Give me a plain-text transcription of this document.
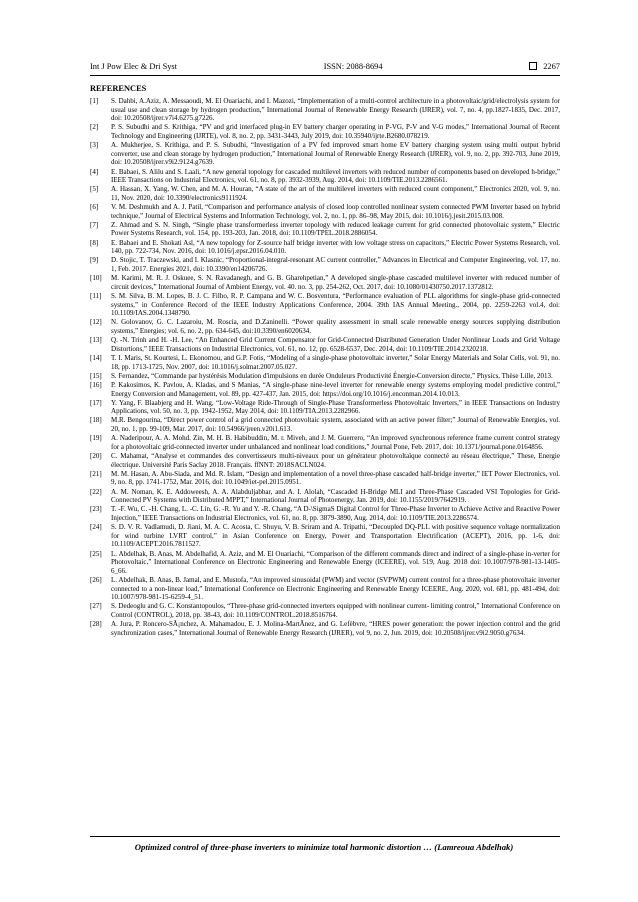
Int J Pow Elec & Dri Syst	ISSN: 2088-8694	2267
REFERENCES
[1]	S. Dahbi, A.Aziz, A. Messaoudi, M. El Ouariachi, and I. Mazozi, “Implementation of a multi-control architecture in a photovoltaic/grid/electrolysis system for usual use and clean storage by hydrogen production,” International Journal of Renewable Energy Research (IJRER), vol. 7, no. 4, pp.1827-1835, Dec. 2017, doi: 10.20508/ijrer.v7i4.6275.g7226.
[2]	P. S. Subudhi and S. Krithiga, “PV and grid interfaced plug-in EV battery charger operating in P-VG, P-V and V-G modes,” International Journal of Recent Technology and Engineering (IJRTE), vol. 8, no. 2, pp. 3431-3443, July 2019, doi: 10.35940/ijrte.B2680.078219.
[3]	A. Mukherjee, S. Krithiga, and P. S. Subudhi, “Investigation of a PV fed improved smart home EV battery charging system using multi output hybrid converter, use and clean storage by hydrogen production,” International Journal of Renewable Energy Research (IJRER), vol. 9, no. 2, pp. 392-703, June 2019, doi: 10.20508/ijrer.v9i2.9124.g7639.
[4]	E. Babaei, S. Alilu and S. Laali, “A new general topology for cascaded multilevel inverters with reduced number of components based on developed h-bridge,” IEEE Transactions on Industrial Electronics, vol. 61, no. 8, pp. 3932-3939, Aug. 2014, doi: 10.1109/TIE.2013.2286561.
[5]	A. Hassan, X. Yang, W. Chen, and M. A. Houran, “A state of the art of the multilevel inverters with reduced count component,” Electronics 2020, vol. 9, no. 11, Nov. 2020, doi: 10.3390/electronics9111924.
[6]	V. M. Deshmukh and A. J. Patil, “Comparison and performance analysis of closed loop controlled nonlinear system connected PWM Inverter based on hybrid technique,” Journal of Electrical Systems and Information Technology, vol. 2, no. 1, pp. 86–98, May 2015, doi: 10.1016/j.jesit.2015.03.008.
[7]	Z. Ahmad and S. N. Singh, “Single phase transformerless inverter topology with reduced leakage current for grid connected photovoltaic system,” Electric Power Systems Research, vol. 154, pp. 193-203, Jan. 2018, doi: 10.1109/TPEL.2018.2886054.
[8]	E. Babaei and E. Shokati Asl, “A new topology for Z-source half bridge inverter with low voltage stress on capacitors,” Electric Power Systems Research, vol. 140, pp. 722-734, Nov. 2016, doi: 10.1016/j.epsr.2016.04.010.
[9]	D. Stojic, T. Traczewski, and I. Klasnic, “Proportional-integral-resonant AC current controller,” Advances in Electrical and Computer Engineering, vol. 17, no. 1, Feb. 2017. Energies 2021, doi: 10.3390/en14206726.
[10]	M. Karimi, M. R. J. Oskuee, S. N. Ravadanegh, and G. B. Gharehpetian,” A developed single-phase cascaded multilevel inverter with reduced number of circuit devices,” International Journal of Ambient Energy, vol. 40. no. 3, pp. 254-262, Oct. 2017, doi: 10.1080/01430750.2017.1372812.
[11]	S. M. Silva, B. M. Lopes, B. J. C. Filho, R. P. Campana and W. C. Bosventura, “Performance evaluation of PLL algorithms for single-phase grid-connected systems,” in Conference Record of the IEEE Industry Applications Conference, 2004. 39th IAS Annual Meeting., 2004, pp. 2259-2263 vol.4, doi: 10.1109/IAS.2004.1348790.
[12]	N. Golovanov, G. C. Lazaroiu, M. Roscia, and D.Zaninelli. “Power quality assessment in small scale renewable energy sources supplying distribution systems,” Energies; vol. 6, no. 2, pp. 634-645, doi:10.3390/en6020634.
[13]	Q. -N. Trinh and H. -H. Lee, “An Enhanced Grid Current Compensator for Grid-Connected Distributed Generation Under Nonlinear Loads and Grid Voltage Distortions,” IEEE Transactions on Industrial Electronics, vol. 61, no. 12, pp. 6528-6537, Dec. 2014, doi: 10.1109/TIE.2014.2320218.
[14]	T. I. Maris, St. Kourtesi, L. Ekonomou, and G.P. Fotis, “Modeling of a single-phase photovoltaic inverter,” Solar Energy Materials and Solar Cells, vol. 91, no. 18, pp. 1713-1725, Nov. 2007, doi: 10.1016/j.solmat.2007.05.027.
[15]	S. Fernandez, “Commande par hystérésis Modulation d'impulsions en durée Onduleurs Productivité Énergie-Conversion directe,” Physics, Thèse Lille, 2013.
[16]	P. Kakosimos, K. Pavlou, A. Kladas, and S Manias, “A single-phase nine-level inverter for renewable energy systems employing model predictive control,” Energy Conversion and Management, vol. 89, pp. 427-437, Jan. 2015, doi: https://doi.org/10.1016/j.enconman.2014.10.013.
[17]	Y. Yang, F. Blaabjerg and H. Wang, “Low-Voltage Ride-Through of Single-Phase Transformerless Photovoltaic Inverters,” in IEEE Transactions on Industry Applications, vol. 50, no. 3, pp. 1942-1952, May 2014, doi: 10.1109/TIA.2013.2282966.
[18]	M.R. Bengourina, “Direct power control of a grid connected photovoltaic system, associated with an active power filter;” Journal of Renewable Energies, vol. 20, no. 1, pp. 99-109, Mar. 2017, doi: 10.54966/jreen.v20i1.613.
[19]	A. Naderipour, A. A. Mohd. Zin, M. H. B. Habibuddin, M. r. Miveh, and J. M. Guerrero, “An improved synchronous reference frame current control strategy for a photovoltaic grid-connected inverter under unbalanced and nonlinear load conditions,” Journal Pone, Feb. 2017, doi: 10.1371/journal.pone.0164856.
[20]	C. Mahamat, “Analyse et commandes des convertisseurs multi-niveaux pour un générateur photovoltaïque connecté au réseau électrique,” These, Energie électrique. Université Paris Saclay 2018. Français. ffNNT: 2018SACLN024.
[21]	M. M. Hasan, A. Abu-Siada, and Md. R. Islam, “Design and implementation of a novel three-phase cascaded half-bridge inverter,” IET Power Electronics, vol. 9, no. 8, pp. 1741-1752, Mar. 2016, doi: 10.1049/iet-pel.2015.0951.
[22]	A. M. Noman, K. E. Addoweesh, A. A. Alabduljabbar, and A. I. Alolah, “Cascaded H-Bridge MLI and Three-Phase Cascaded VSI Topologies for Grid-Connected PV Systems with Distributed MPPT,” International Journal of Photoenergy, Jan. 2019, doi: 10.1155/2019/7642919.
[23]	T. -F. Wu, C. -H. Chang, L. -C. Lin, G. -R. Yu and Y. -R. Chang, “A D-\SigmaS Digital Control for Three-Phase Inverter to Achieve Active and Reactive Power Injection,” IEEE Transactions on Industrial Electronics, vol. 61, no. 8, pp. 3879-3890, Aug. 2014, doi: 10.1109/TIE.2013.2286574.
[24]	S. D. V. R. Vadlamudi, D. Jiani, M. A. C. Acosta, C. Shuyu, V. B. Sriram and A. Tripathi, “Decoupled DQ-PLL with positive sequence voltage normalization for wind turbine LVRT control,” in Asian Conference on Energy, Power and Transportation Electrification (ACEPT), 2016, pp. 1-6, doi: 10.1109/ACEPT.2016.7811527.
[25]	L. Abdelhak, B. Anas, M. Abdelhafid, A. Aziz, and M. El Ouariachi, “Comparison of the different commands direct and indirect of a single-phase in-verter for Photovoltaic,” International Conference on Electronic Engineering and Renewable Energy (ICEERE), vol. 519, Aug. 2018 doi: 10.1007/978-981-13-1405-6_66.
[26]	L. Abdelhak, B. Anas, B. Jamal, and E. Mustofa, “An improved sinusoidal (PWM) and vector (SVPWM) current control for a three-phase photovoltaic inverter connected to a non-linear load,” International Conference on Electronic Engineering and Renewable Energy ICEERE, Aug. 2020, vol. 681, pp. 481-494, doi: 10.1007/978-981-15-6259-4_51.
[27]	S. Dedeoglu and G. C. Konstantopoulos, “Three-phase grid-connected inverters equipped with nonlinear current- limiting control,” International Conference on Control (CONTROL), 2018, pp. 38-43, doi: 10.1109/CONTROL.2018.8516764.
[28]	A. Jura, P. Roncero-SÃ¡nchez, A. Mahamadou, E. J. Molina-MartÃnez, and G. Lefèbvre, “HRES power generation: the power injection control and the grid synchronization cases,” International Journal of Renewable Energy Research (IJRER), vol 9, no. 2, Jun. 2019, doi: 10.20508/ijrer.v9i2.9050.g7634.
Optimized control of three-phase inverters to minimize total harmonic distortion … (Lamreoua Abdelhak)
